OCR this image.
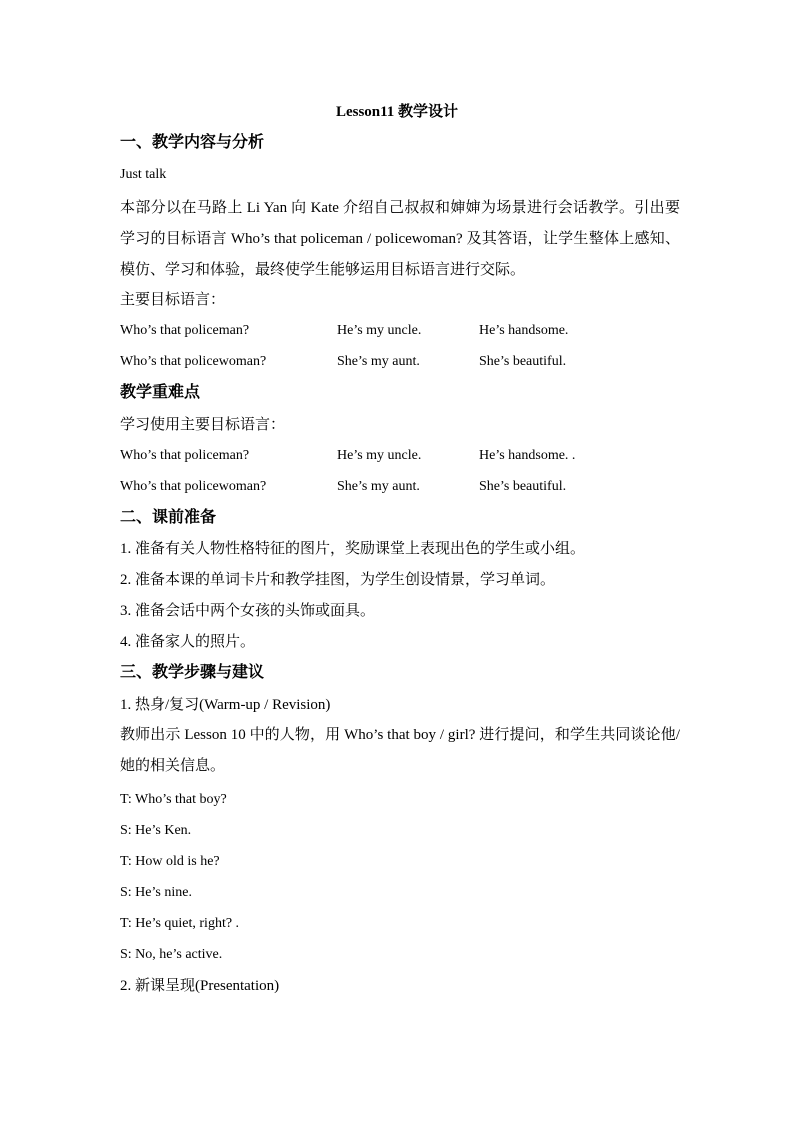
Lesson11 教学设计
一、教学内容与分析
Just talk
本部分以在马路上 Li Yan 向 Kate 介绍自己叔叔和婶婶为场景进行会话教学。引出要学习的目标语言 Who’s that policeman / policewoman? 及其答语，让学生整体上感知、模仿、学习和体验，最终使学生能够运用目标语言进行交际。
主要目标语言：
Who’s that policeman?	He’s my uncle.	He’s handsome.
Who’s that policewoman?	She’s my aunt.	She’s beautiful.
教学重难点
学习使用主要目标语言：
Who’s that policeman?	He’s my uncle.	He’s handsome. .
Who’s that policewoman?	She’s my aunt.	She’s beautiful.
二、课前准备
1. 准备有关人物性格特征的图片，奖励课堂上表现出色的学生或小组。
2. 准备本课的单词卡片和教学挂图，为学生创设情景，学习单词。
3. 准备会话中两个女孩的头饰或面具。
4. 准备家人的照片。
三、教学步骤与建议
1. 热身/复习(Warm-up / Revision)
教师出示 Lesson 10 中的人物，用 Who’s that boy / girl? 进行提问，和学生共同谈论他/她的相关信息。
T: Who’s that boy?
S: He’s Ken.
T: How old is he?
S: He’s nine.
T: He’s quiet, right? .
S: No, he’s active.
2. 新课呈现(Presentation)
